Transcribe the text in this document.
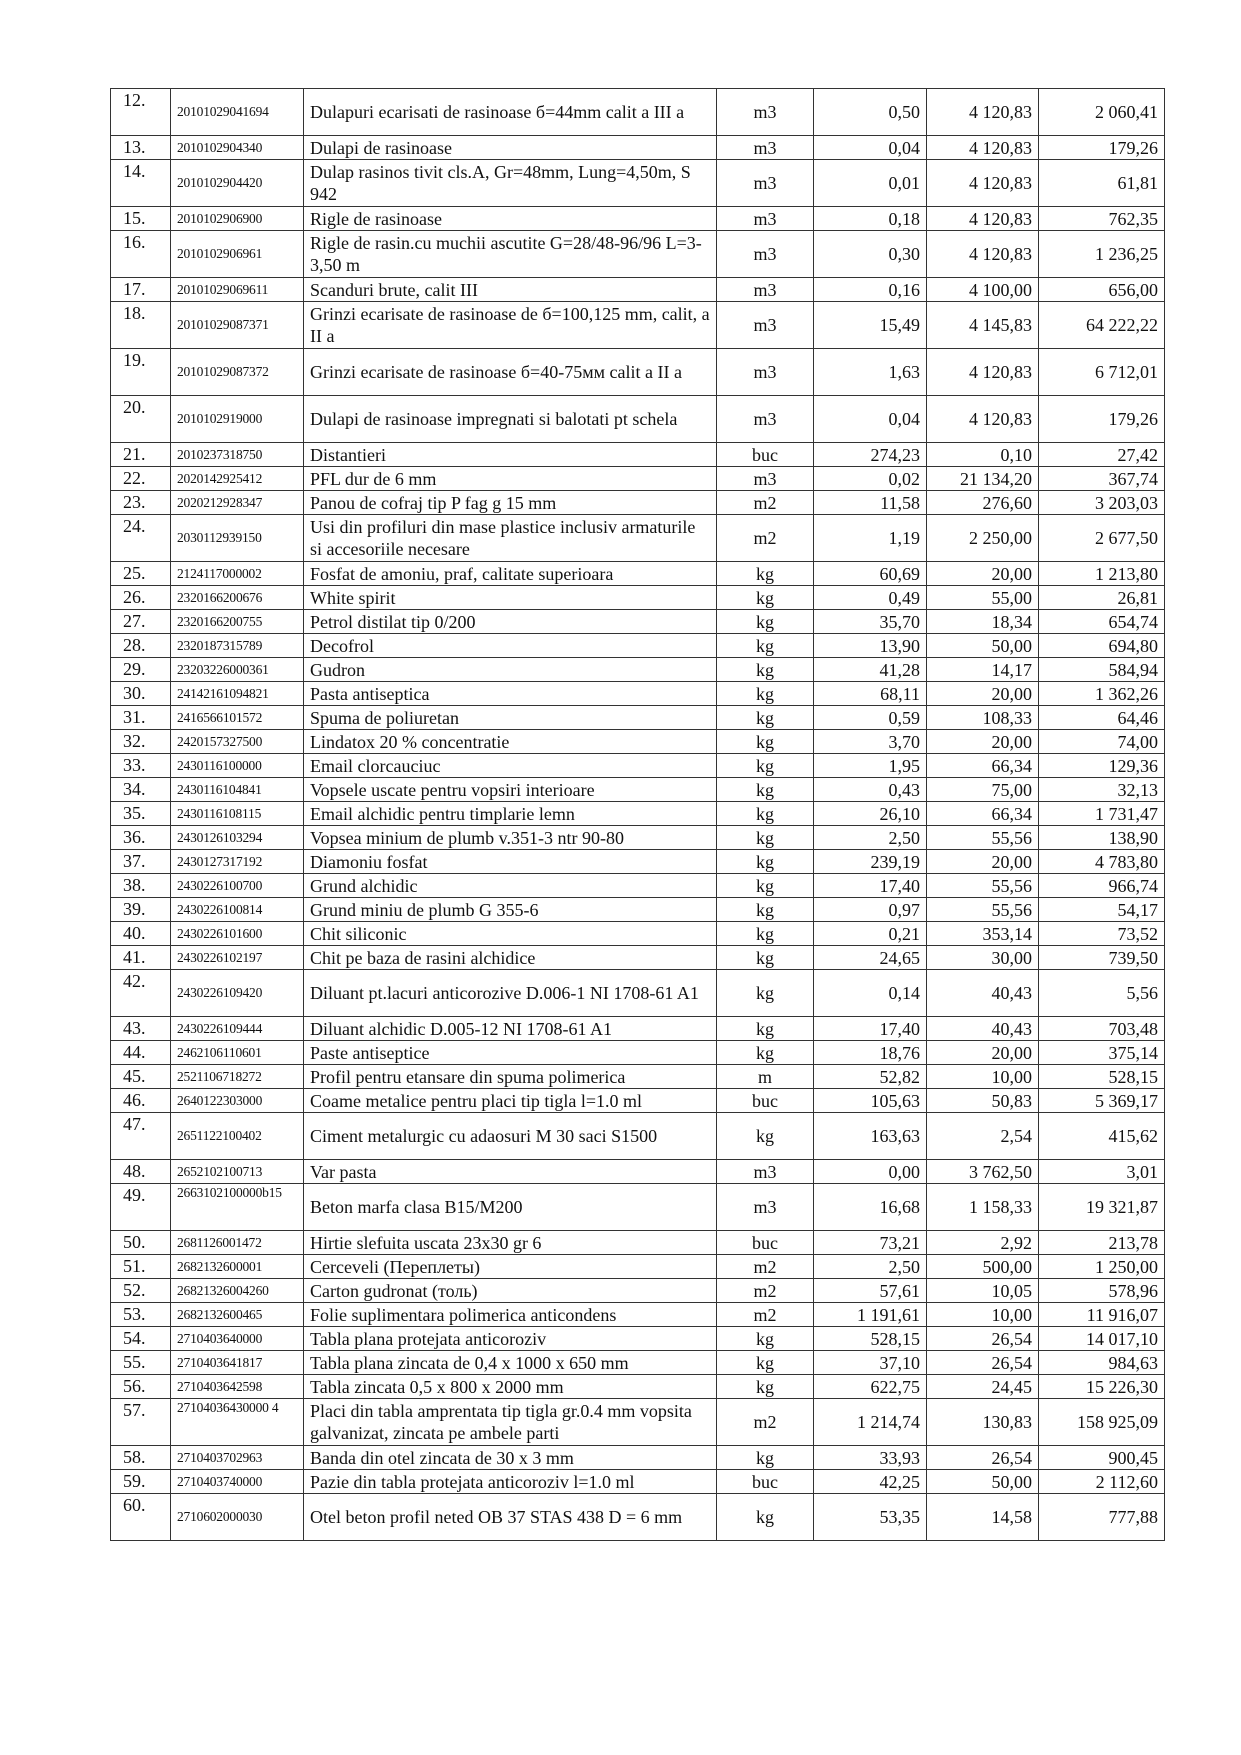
12.	20101029041694	Dulapuri ecarisati de rasinoase б=44mm calit a III a	m3	0,50	4 120,83	2 060,41
13.	2010102904340	Dulapi de rasinoase	m3	0,04	4 120,83	179,26
14.	2010102904420	Dulap rasinos tivit cls.A, Gr=48mm, Lung=4,50m, S 942	m3	0,01	4 120,83	61,81
15.	2010102906900	Rigle de rasinoase	m3	0,18	4 120,83	762,35
16.	2010102906961	Rigle de rasin.cu muchii ascutite G=28/48-96/96 L=3-3,50 m	m3	0,30	4 120,83	1 236,25
17.	20101029069611	Scanduri brute, calit III	m3	0,16	4 100,00	656,00
18.	20101029087371	Grinzi ecarisate de rasinoase de б=100,125 mm, calit, a II a	m3	15,49	4 145,83	64 222,22
19.	20101029087372	Grinzi ecarisate de rasinoase б=40-75мм calit a II a	m3	1,63	4 120,83	6 712,01
20.	2010102919000	Dulapi de rasinoase impregnati si balotati pt schela	m3	0,04	4 120,83	179,26
21.	2010237318750	Distantieri	buc	274,23	0,10	27,42
22.	2020142925412	PFL dur de 6 mm	m3	0,02	21 134,20	367,74
23.	2020212928347	Panou de cofraj tip P fag g 15 mm	m2	11,58	276,60	3 203,03
24.	2030112939150	Usi din profiluri din mase plastice inclusiv armaturile si accesoriile necesare	m2	1,19	2 250,00	2 677,50
25.	2124117000002	Fosfat de amoniu, praf, calitate superioara	kg	60,69	20,00	1 213,80
26.	2320166200676	White spirit	kg	0,49	55,00	26,81
27.	2320166200755	Petrol distilat tip 0/200	kg	35,70	18,34	654,74
28.	2320187315789	Decofrol	kg	13,90	50,00	694,80
29.	23203226000361	Gudron	kg	41,28	14,17	584,94
30.	24142161094821	Pasta antiseptica	kg	68,11	20,00	1 362,26
31.	2416566101572	Spuma de poliuretan	kg	0,59	108,33	64,46
32.	2420157327500	Lindatox 20 % concentratie	kg	3,70	20,00	74,00
33.	2430116100000	Email clorcauciuc	kg	1,95	66,34	129,36
34.	2430116104841	Vopsele uscate pentru vopsiri interioare	kg	0,43	75,00	32,13
35.	2430116108115	Email alchidic pentru timplarie lemn	kg	26,10	66,34	1 731,47
36.	2430126103294	Vopsea minium de plumb v.351-3 ntr 90-80	kg	2,50	55,56	138,90
37.	2430127317192	Diamoniu fosfat	kg	239,19	20,00	4 783,80
38.	2430226100700	Grund alchidic	kg	17,40	55,56	966,74
39.	2430226100814	Grund miniu de plumb G 355-6	kg	0,97	55,56	54,17
40.	2430226101600	Chit siliconic	kg	0,21	353,14	73,52
41.	2430226102197	Chit pe baza de rasini alchidice	kg	24,65	30,00	739,50
42.	2430226109420	Diluant pt.lacuri anticorozive D.006-1 NI 1708-61 A1	kg	0,14	40,43	5,56
43.	2430226109444	Diluant alchidic D.005-12 NI 1708-61 A1	kg	17,40	40,43	703,48
44.	2462106110601	Paste antiseptice	kg	18,76	20,00	375,14
45.	2521106718272	Profil pentru etansare din spuma polimerica	m	52,82	10,00	528,15
46.	2640122303000	Coame metalice pentru placi tip tigla l=1.0 ml	buc	105,63	50,83	5 369,17
47.	2651122100402	Ciment metalurgic cu adaosuri M 30 saci S1500	kg	163,63	2,54	415,62
48.	2652102100713	Var pasta	m3	0,00	3 762,50	3,01
49.	2663102100000b15	Beton marfa clasa B15/M200	m3	16,68	1 158,33	19 321,87
50.	2681126001472	Hirtie slefuita uscata 23x30 gr 6	buc	73,21	2,92	213,78
51.	2682132600001	Cerceveli (Переплеты)	m2	2,50	500,00	1 250,00
52.	26821326004260	Carton gudronat (толь)	m2	57,61	10,05	578,96
53.	2682132600465	Folie suplimentara polimerica anticondens	m2	1 191,61	10,00	11 916,07
54.	2710403640000	Tabla plana protejata anticoroziv	kg	528,15	26,54	14 017,10
55.	2710403641817	Tabla plana zincata de 0,4 x 1000 x 650 mm	kg	37,10	26,54	984,63
56.	2710403642598	Tabla zincata 0,5 x 800 x 2000 mm	kg	622,75	24,45	15 226,30
57.	27104036430000 4	Placi din tabla amprentata tip tigla gr.0.4 mm vopsita galvanizat, zincata pe ambele parti	m2	1 214,74	130,83	158 925,09
58.	2710403702963	Banda din otel zincata de 30 x 3 mm	kg	33,93	26,54	900,45
59.	2710403740000	Pazie din tabla protejata anticoroziv l=1.0 ml	buc	42,25	50,00	2 112,60
60.	2710602000030	Otel beton profil neted OB 37 STAS 438 D = 6 mm	kg	53,35	14,58	777,88
